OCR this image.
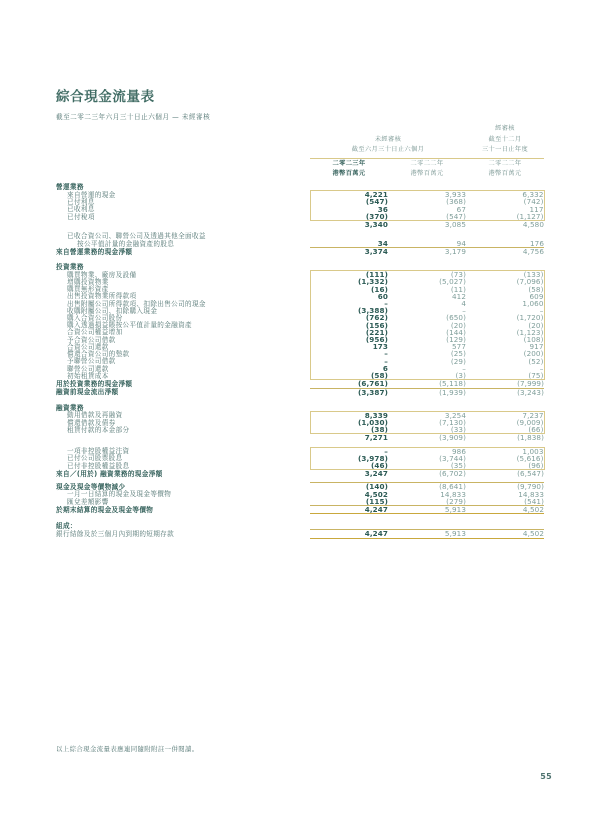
綜合現金流量表
截至二零二三年六月三十日止六個月 — 未經審核
			經審核
	未經審核		截至十二月
	截至六月三十日止六個月		三十一日止年度

	二零二三年	二零二二年	二零二二年
	港幣百萬元	港幣百萬元	港幣百萬元
營運業務			
來自營運的現金	4,221	3,933	6,332
已付利息	(547)	(368)	(742)
已收利息	36	67	117
已付稅項	(370)	(547)	(1,127)
	3,340	3,085	4,580

已收合資公司、聯營公司及透過其他全面收益			
按公平值計量的金融資產的股息	34	94	176
來自營運業務的現金淨額	3,374	3,179	4,756

投資業務			
購買物業、廠房及設備	(111)	(73)	(133)
增購投資物業	(1,332)	(5,027)	(7,096)
購買無形資產	(16)	(11)	(58)
出售投資物業所得款項	60	412	609
出售附屬公司所得款項、扣除出售公司的現金	–	4	1,060
收購附屬公司、扣除購入現金	(3,388)	–	–
購入合資公司股份	(762)	(650)	(1,720)
購入透過損益賬按公平值計量的金融資產	(156)	(20)	(20)
合資公司權益增加	(221)	(144)	(1,123)
予合資公司借款	(956)	(129)	(108)
合資公司還款	173	577	917
償還合資公司的墊款	–	(25)	(200)
予聯營公司借款	–	(29)	(52)
聯營公司還款	6	–	–
初始租賃成本	(58)	(3)	(75)
用於投資業務的現金淨額	(6,761)	(5,118)	(7,999)
融資前現金流出淨額	(3,387)	(1,939)	(3,243)

融資業務			
動用借款及再融資	8,339	3,254	7,237
償還借款及債券	(1,030)	(7,130)	(9,009)
租賃付款的本金部分	(38)	(33)	(66)
	7,271	(3,909)	(1,838)

一項非控股權益注資	–	986	1,003
已付公司股票股息	(3,978)	(3,744)	(5,616)
已付非控股權益股息	(46)	(35)	(96)
來自／(用於) 融資業務的現金淨額	3,247	(6,702)	(6,547)

現金及現金等價物減少	(140)	(8,641)	(9,790)
一月一日結算的現金及現金等價物	4,502	14,833	14,833
匯兌差額影響	(115)	(279)	(541)
於期末結算的現金及現金等價物	4,247	5,913	4,502

組成：			
銀行結餘及於三個月內到期的短期存款	4,247	5,913	4,502
以上綜合現金流量表應連同隨附附註一併閱讀。
55
